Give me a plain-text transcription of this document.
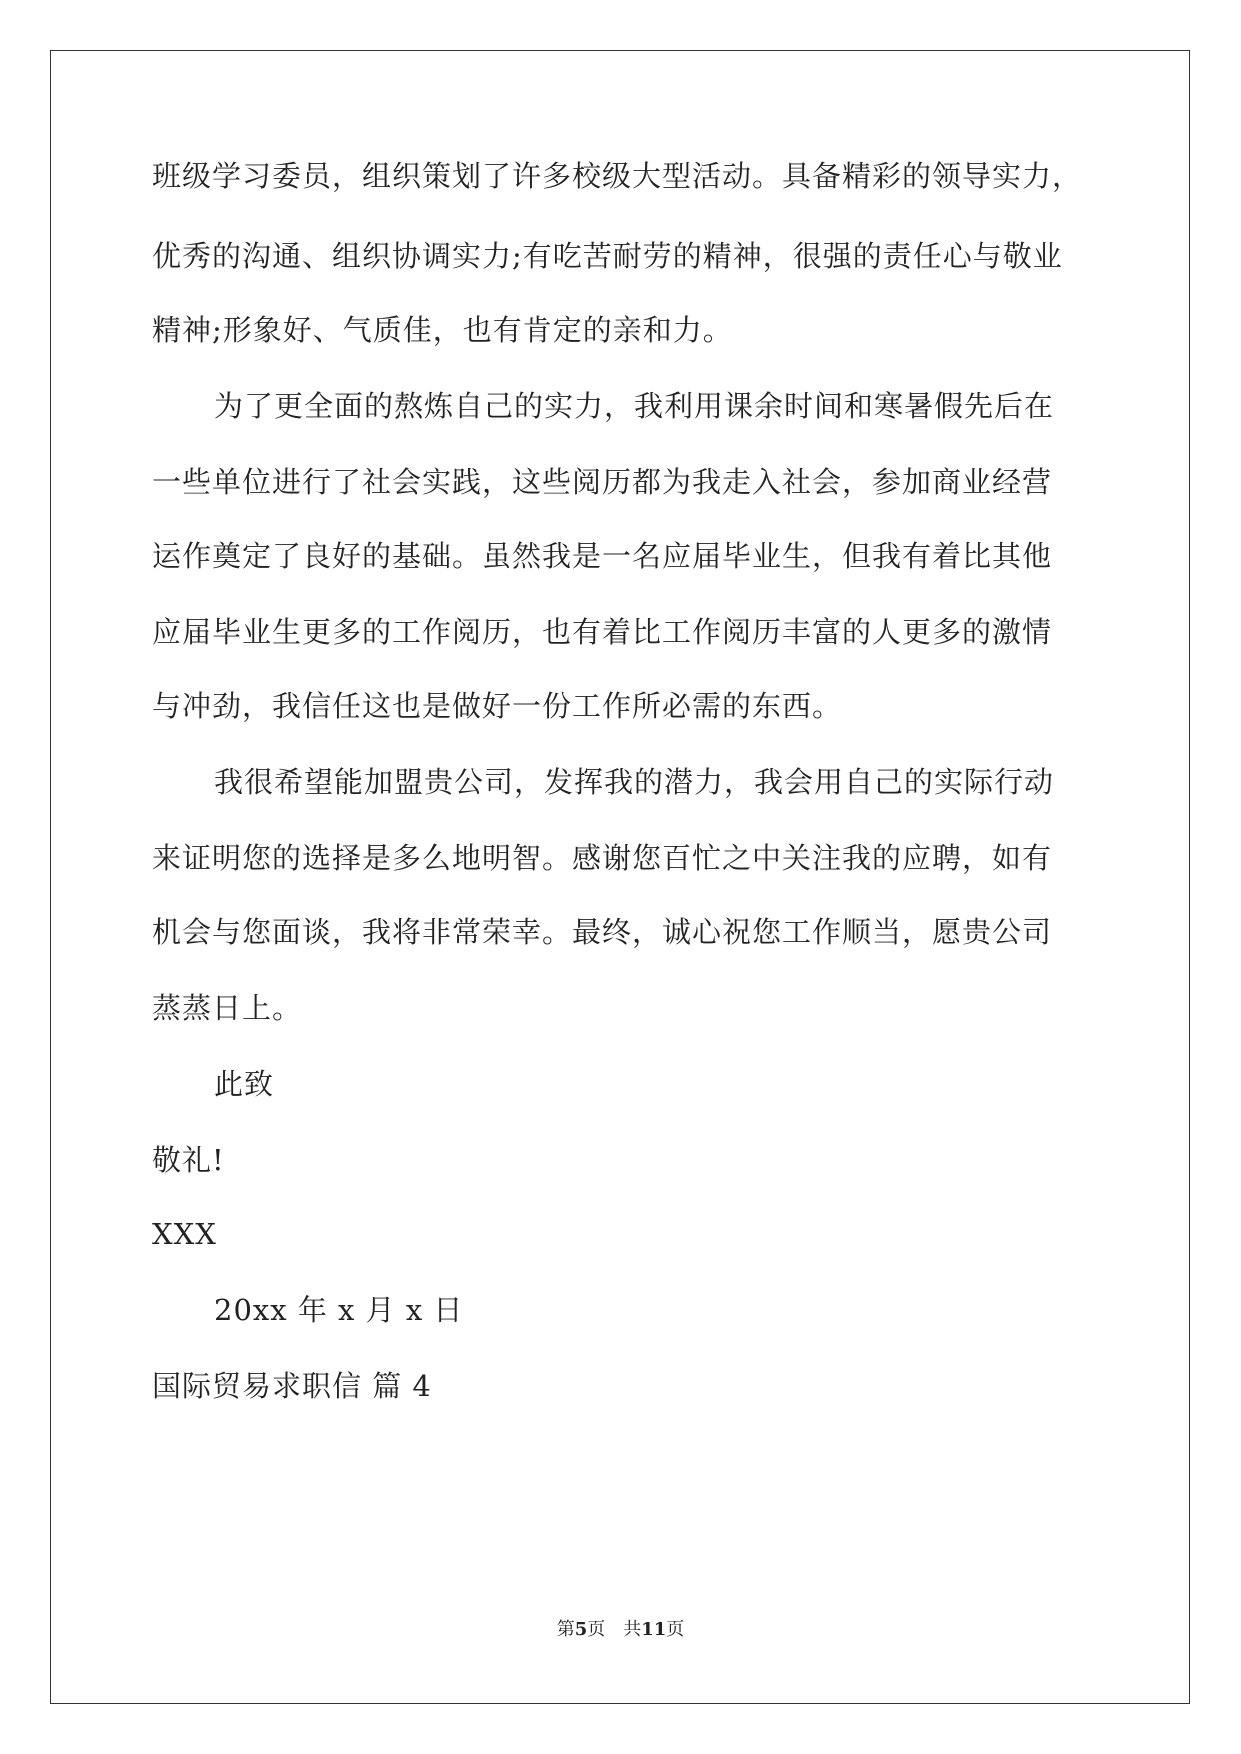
班级学习委员，组织策划了许多校级大型活动。具备精彩的领导实力，
优秀的沟通、组织协调实力;有吃苦耐劳的精神，很强的责任心与敬业
精神;形象好、气质佳，也有肯定的亲和力。
为了更全面的熬炼自己的实力，我利用课余时间和寒暑假先后在
一些单位进行了社会实践，这些阅历都为我走入社会，参加商业经营
运作奠定了良好的基础。虽然我是一名应届毕业生，但我有着比其他
应届毕业生更多的工作阅历，也有着比工作阅历丰富的人更多的激情
与冲劲，我信任这也是做好一份工作所必需的东西。
我很希望能加盟贵公司，发挥我的潜力，我会用自己的实际行动
来证明您的选择是多么地明智。感谢您百忙之中关注我的应聘，如有
机会与您面谈，我将非常荣幸。最终，诚心祝您工作顺当，愿贵公司
蒸蒸日上。
此致
敬礼!
XXX
20xx 年 x 月 x 日
国际贸易求职信 篇 4
第5页　共11页
